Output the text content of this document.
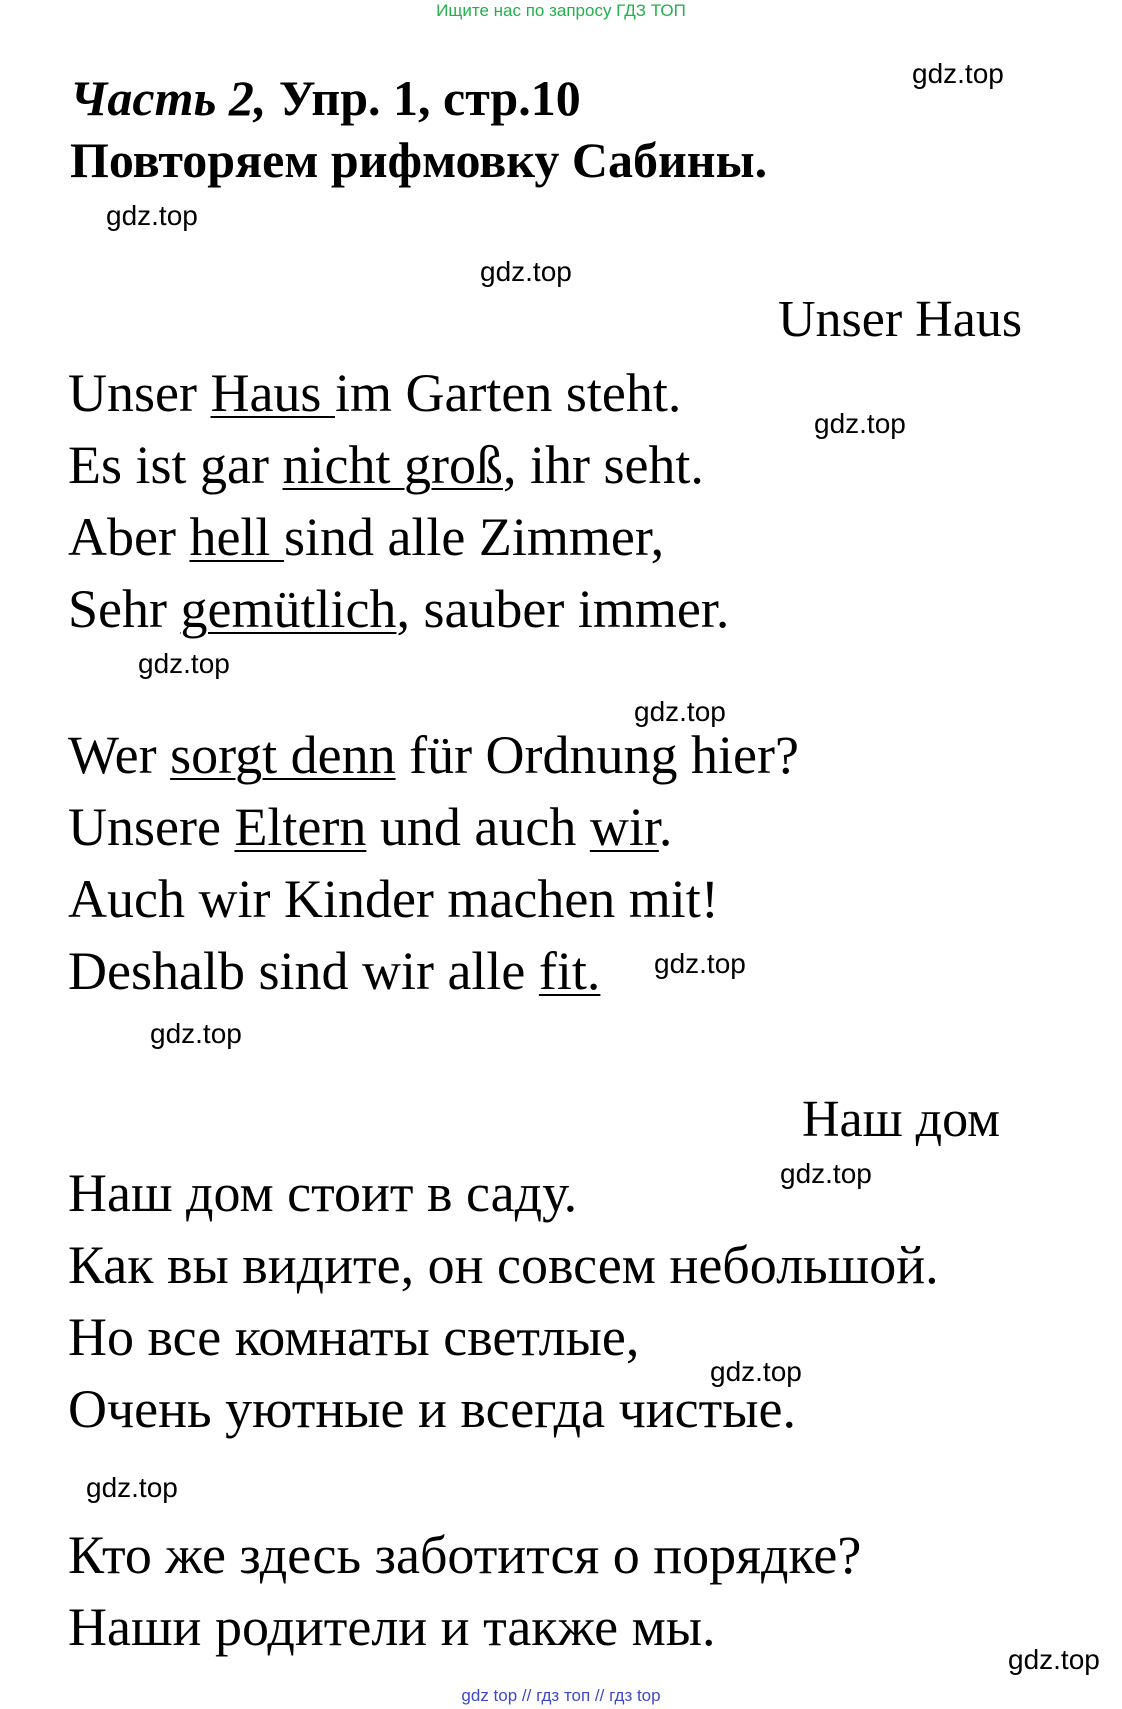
Ищите нас по запросу ГДЗ ТОП
Часть 2, Упр. 1, стр.10
Повторяем рифмовку Сабины.
gdz.top
gdz.top
gdz.top
gdz.top
gdz.top
gdz.top
gdz.top
gdz.top
gdz.top
gdz.top
gdz.top
gdz.top
Unser Haus
Unser Haus im Garten steht.
Es ist gar nicht groß, ihr seht.
Aber hell sind alle Zimmer,
Sehr gemütlich, sauber immer.
Wer sorgt denn für Ordnung hier?
Unsere Eltern und auch wir.
Auch wir Kinder machen mit!
Deshalb sind wir alle fit.
Наш дом
Наш дом стоит в саду.
Как вы видите, он совсем небольшой.
Но все комнаты светлые,
Очень уютные и всегда чистые.
Кто же здесь заботится о порядке?
Наши родители и также мы.
gdz top // гдз топ // гдз top
